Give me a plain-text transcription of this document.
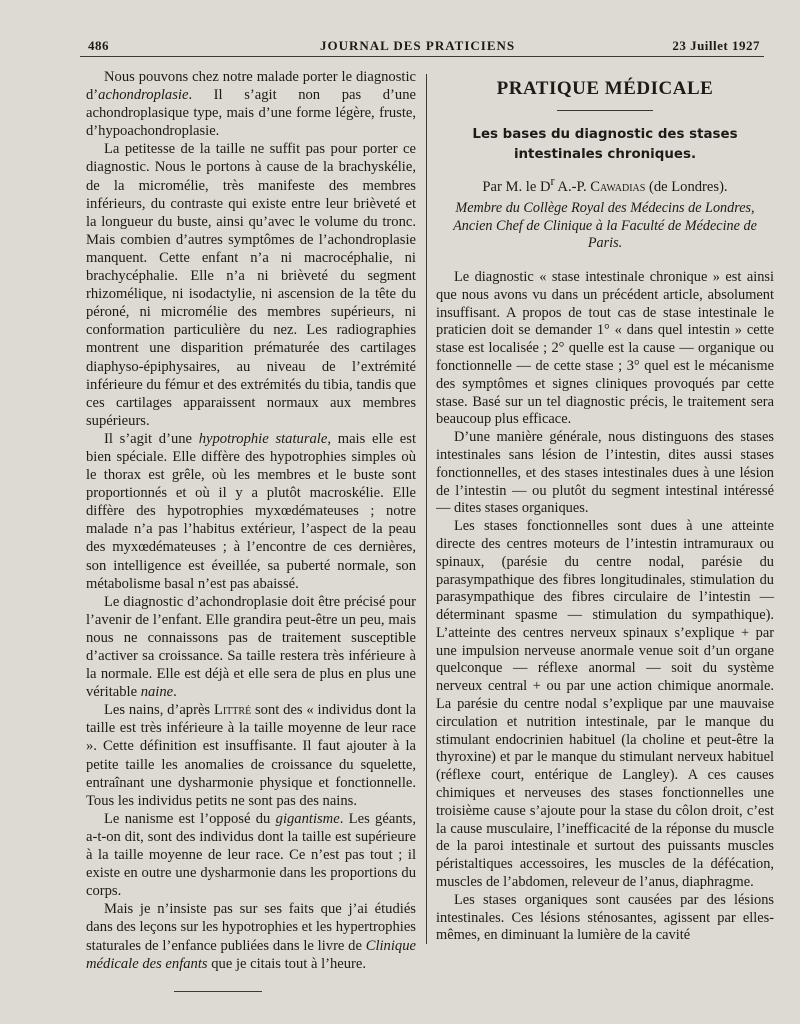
486	JOURNAL DES PRATICIENS	23 Juillet 1927

Nous pouvons chez notre malade porter le diagnostic d’achondroplasie. Il s’agit non pas d’une achondroplasique type, mais d’une forme légère, fruste, d’hypoachondroplasie.

La petitesse de la taille ne suffit pas pour porter ce diagnostic. Nous le portons à cause de la brachyskélie, de la micromélie, très manifeste des membres inférieurs, du contraste qui existe entre leur brièveté et la longueur du buste, ainsi qu’avec le volume du tronc. Mais combien d’autres symptômes de l’achondroplasie manquent. Cette enfant n’a ni macrocéphalie, ni brachycéphalie. Elle n’a ni brièveté du segment rhizomélique, ni isodactylie, ni ascension de la tête du péroné, ni micromélie des membres supérieurs, ni conformation particulière du nez. Les radiographies montrent une disparition prématurée des cartilages diaphyso-épiphysaires, au niveau de l’extrémité inférieure du fémur et des extrémités du tibia, tandis que ces cartilages apparaissent normaux aux membres supérieurs.

Il s’agit d’une hypotrophie staturale, mais elle est bien spéciale. Elle diffère des hypotrophies simples où le thorax est grêle, où les membres et le buste sont proportionnés et où il y a plutôt macroskélie. Elle diffère des hypotrophies myxœdémateuses ; notre malade n’a pas l’habitus extérieur, l’aspect de la peau des myxœdémateuses ; à l’encontre de ces dernières, son intelligence est éveillée, sa puberté normale, son métabolisme basal n’est pas abaissé.

Le diagnostic d’achondroplasie doit être précisé pour l’avenir de l’enfant. Elle grandira peut-être un peu, mais nous ne connaissons pas de traitement susceptible d’activer sa croissance. Sa taille restera très inférieure à la normale. Elle est déjà et elle sera de plus en plus une véritable naine.

Les nains, d’après Littré sont des « individus dont la taille est très inférieure à la taille moyenne de leur race ». Cette définition est insuffisante. Il faut ajouter à la petite taille les anomalies de croissance du squelette, entraînant une dysharmonie physique et fonctionnelle. Tous les individus petits ne sont pas des nains.

Le nanisme est l’opposé du gigantisme. Les géants, a-t-on dit, sont des individus dont la taille est supérieure à la taille moyenne de leur race. Ce n’est pas tout ; il existe en outre une dysharmonie dans les proportions du corps.

Mais je n’insiste pas sur ses faits que j’ai étudiés dans des leçons sur les hypotrophies et les hypertrophies staturales de l’enfance publiées dans le livre de Clinique médicale des enfants que je citais tout à l’heure.

PRATIQUE MÉDICALE
Les bases du diagnostic des stases intestinales chroniques.
Par M. le $D^r$ A.-P. Cawadias (de Londres).
Membre du Collège Royal des Médecins de Londres, Ancien Chef de Clinique à la Faculté de Médecine de Paris.

Le diagnostic « stase intestinale chronique » est ainsi que nous avons vu dans un précédent article, absolument insuffisant. A propos de tout cas de stase intestinale le praticien doit se demander 1° « dans quel intestin » cette stase est localisée ; 2° quelle est la cause — organique ou fonctionnelle — de cette stase ; 3° quel est le mécanisme des symptômes et signes cliniques provoqués par cette stase. Basé sur un tel diagnostic précis, le traitement sera beaucoup plus efficace.

D’une manière générale, nous distinguons des stases intestinales sans lésion de l’intestin, dites aussi stases fonctionnelles, et des stases intestinales dues à une lésion de l’intestin — ou plutôt du segment intestinal intéressé — dites stases organiques.

Les stases fonctionnelles sont dues à une atteinte directe des centres moteurs de l’intestin intramuraux ou spinaux, (parésie du centre nodal, parésie du parasympathique des fibres longitudinales, stimulation du parasympathique des fibres circulaire de l’intestin — déterminant spasme — stimulation du sympathique). L’atteinte des centres nerveux spinaux s’explique + par une impulsion nerveuse anormale venue soit d’un organe quelconque — réflexe anormal — soit du système nerveux central + ou par une action chimique anormale. La parésie du centre nodal s’explique par une mauvaise circulation et nutrition intestinale, par le manque du stimulant endocrinien habituel (la choline et peut-être la thyroxine) et par le manque du stimulant nerveux habituel (réflexe court, entérique de Langley). A ces causes chimiques et nerveuses des stases fonctionnelles une troisième cause s’ajoute pour la stase du côlon droit, c’est la cause musculaire, l’inefficacité de la réponse du muscle de la paroi intestinale et surtout des puissants muscles péristaltiques accessoires, les muscles de la défécation, muscles de l’abdomen, releveur de l’anus, diaphragme.

Les stases organiques sont causées par des lésions intestinales. Ces lésions sténosantes, agissent par elles-mêmes, en diminuant la lumière de la cavité
